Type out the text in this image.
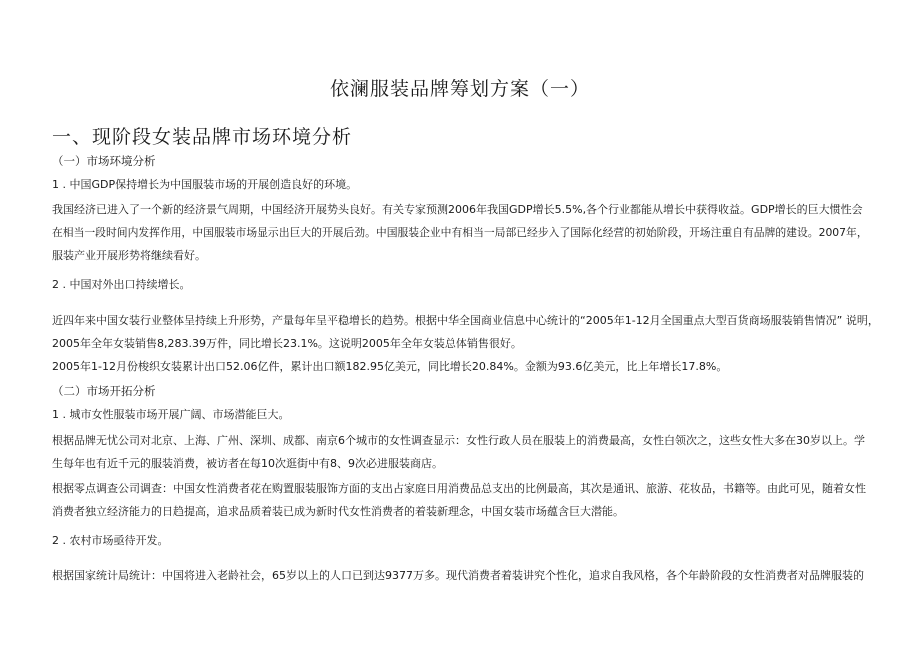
依澜服装品牌筹划方案（一）
一、现阶段女装品牌市场环境分析
（一）市场环境分析
1 . 中国GDP保持增长为中国服装市场的开展创造良好的环境。
我国经济已进入了一个新的经济景气周期，中国经济开展势头良好。有关专家预测2006年我国GDP增长5.5%,各个行业都能从增长中获得收益。GDP增长的巨大惯性会
在相当一段时间内发挥作用，中国服装市场显示出巨大的开展后劲。中国服装企业中有相当一局部已经步入了国际化经营的初始阶段，开场注重自有品牌的建设。2007年，
服装产业开展形势将继续看好。
2 . 中国对外出口持续增长。
近四年来中国女装行业整体呈持续上升形势，产量每年呈平稳增长的趋势。根据中华全国商业信息中心统计的“2005年1-12月全国重点大型百货商场服装销售情况” 说明，
2005年全年女装销售8,283.39万件，同比增长23.1%。这说明2005年全年女装总体销售很好。
2005年1-12月份梭织女装累计出口52.06亿件，累计出口额182.95亿美元，同比增长20.84%。金额为93.6亿美元，比上年增长17.8%。
（二）市场开拓分析
1 . 城市女性服装市场开展广阔、市场潜能巨大。
根据品牌无忧公司对北京、上海、广州、深圳、成都、南京6个城市的女性调查显示：女性行政人员在服装上的消费最高，女性白领次之，这些女性大多在30岁以上。学
生每年也有近千元的服装消费，被访者在每10次逛街中有8、9次必进服装商店。
根据零点调查公司调查：中国女性消费者花在购置服装服饰方面的支出占家庭日用消费品总支出的比例最高，其次是通讯、旅游、花妆品，书籍等。由此可见，随着女性
消费者独立经济能力的日趋提高，追求品质着装已成为新时代女性消费者的着装新理念，中国女装市场蕴含巨大潜能。
2 . 农村市场亟待开发。
根据国家统计局统计：中国将进入老龄社会，65岁以上的人口已到达9377万多。现代消费者着装讲究个性化，追求自我风格，各个年龄阶段的女性消费者对品牌服装的
